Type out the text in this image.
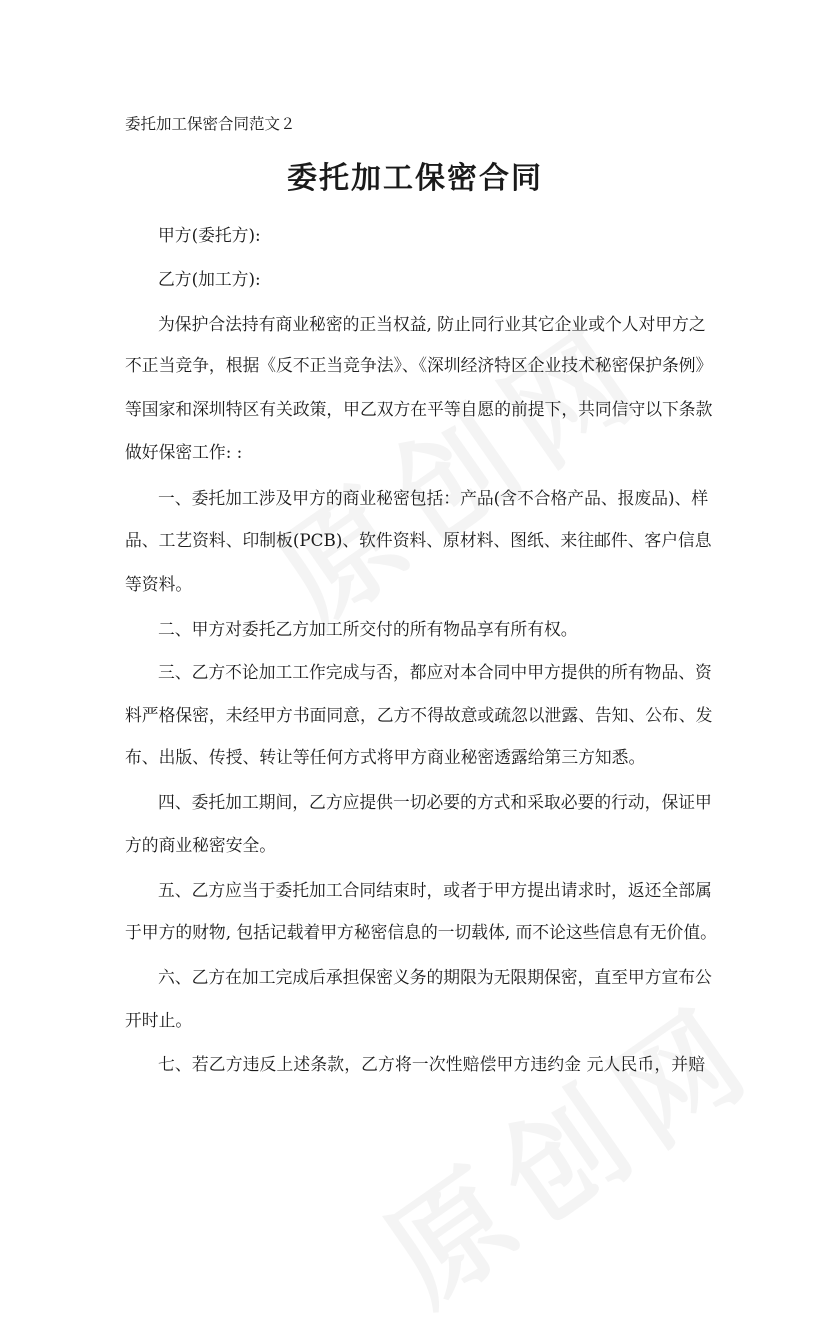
委托加工保密合同范文２
委托加工保密合同
甲方(委托方):
乙方(加工方):
为保护合法持有商业秘密的正当权益, 防止同行业其它企业或个人对甲方之
不正当竞争，根据《反不正当竞争法》、《深圳经济特区企业技术秘密保护条例》
等国家和深圳特区有关政策，甲乙双方在平等自愿的前提下，共同信守以下条款
做好保密工作: :
一、委托加工涉及甲方的商业秘密包括：产品(含不合格产品、报废品)、样
品、工艺资料、印制板(PCB)、软件资料、原材料、图纸、来往邮件、客户信息
等资料。
二、甲方对委托乙方加工所交付的所有物品享有所有权。
三、乙方不论加工工作完成与否，都应对本合同中甲方提供的所有物品、资
料严格保密，未经甲方书面同意，乙方不得故意或疏忽以泄露、告知、公布、发
布、出版、传授、转让等任何方式将甲方商业秘密透露给第三方知悉。
四、委托加工期间，乙方应提供一切必要的方式和采取必要的行动，保证甲
方的商业秘密安全。
五、乙方应当于委托加工合同结束时，或者于甲方提出请求时，返还全部属
于甲方的财物, 包括记载着甲方秘密信息的一切载体, 而不论这些信息有无价值。
六、乙方在加工完成后承担保密义务的期限为无限期保密，直至甲方宣布公
开时止。
七、若乙方违反上述条款，乙方将一次性赔偿甲方违约金 元人民币，并赔
